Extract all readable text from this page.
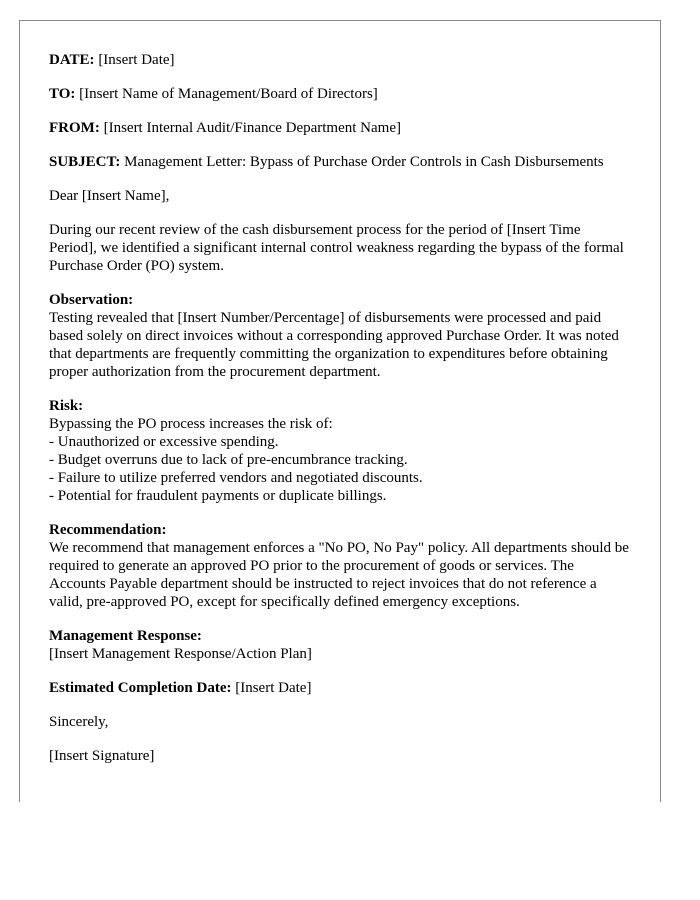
DATE: [Insert Date]

TO: [Insert Name of Management/Board of Directors]

FROM: [Insert Internal Audit/Finance Department Name]

SUBJECT: Management Letter: Bypass of Purchase Order Controls in Cash Disbursements

Dear [Insert Name],

During our recent review of the cash disbursement process for the period of [Insert Time Period], we identified a significant internal control weakness regarding the bypass of the formal Purchase Order (PO) system.

Observation:
Testing revealed that [Insert Number/Percentage] of disbursements were processed and paid based solely on direct invoices without a corresponding approved Purchase Order. It was noted that departments are frequently committing the organization to expenditures before obtaining proper authorization from the procurement department.
Risk:
Bypassing the PO process increases the risk of:
- Unauthorized or excessive spending.
- Budget overruns due to lack of pre-encumbrance tracking.
- Failure to utilize preferred vendors and negotiated discounts.
- Potential for fraudulent payments or duplicate billings.
Recommendation:
We recommend that management enforces a "No PO, No Pay" policy. All departments should be required to generate an approved PO prior to the procurement of goods or services. The Accounts Payable department should be instructed to reject invoices that do not reference a valid, pre-approved PO, except for specifically defined emergency exceptions.
Management Response:
[Insert Management Response/Action Plan]

Estimated Completion Date: [Insert Date]

Sincerely,

[Insert Signature]
